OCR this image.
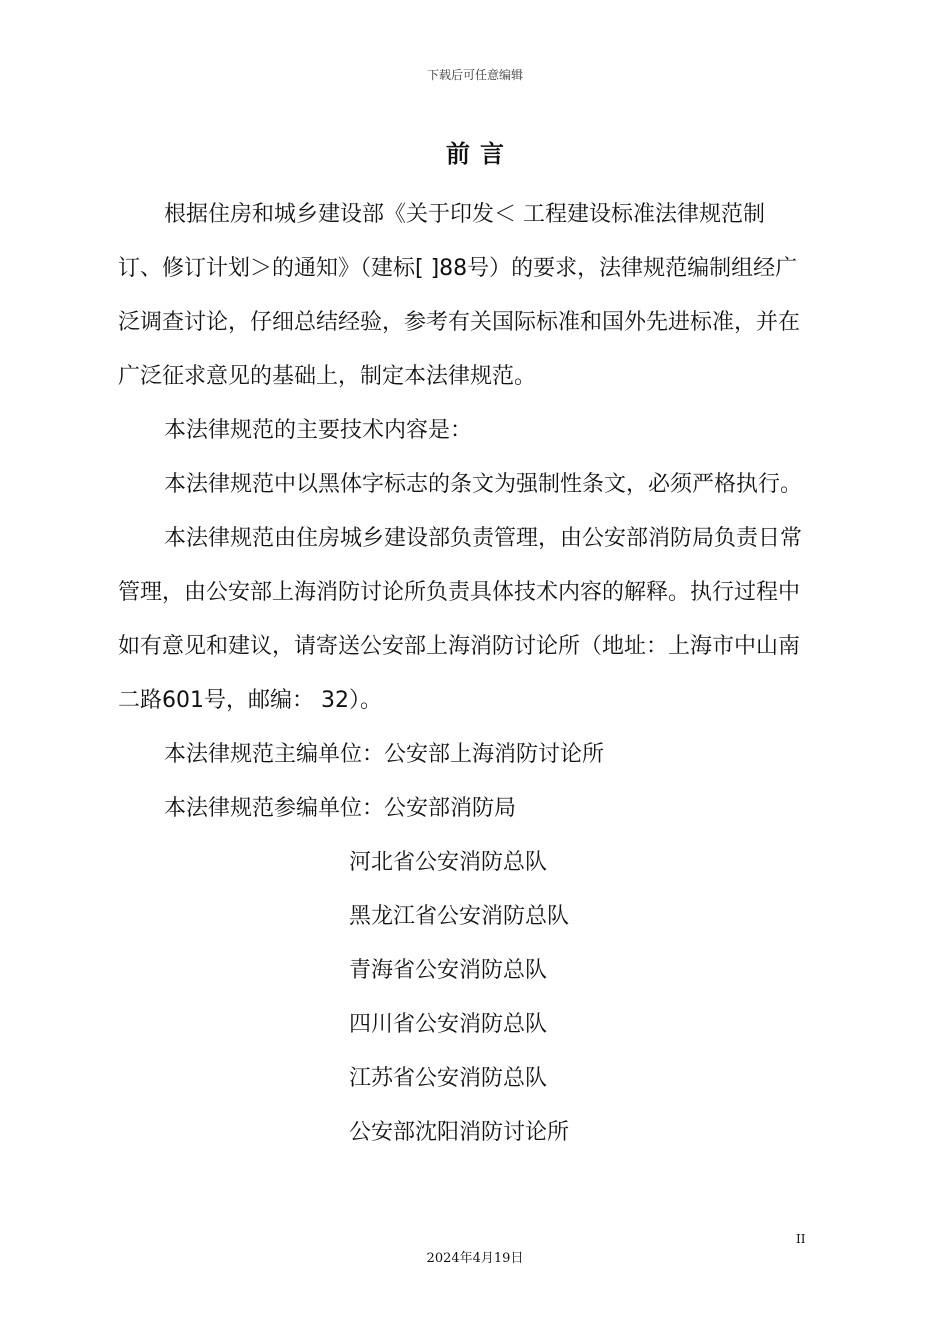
下载后可任意编辑
前言

根据住房和城乡建设部《关于印发＜ 工程建设标准法律规范制订、修订计划＞的通知》（建标[ ]88号）的要求，法律规范编制组经广泛调查讨论，仔细总结经验，参考有关国际标准和国外先进标准，并在广泛征求意见的基础上，制定本法律规范。

本法律规范的主要技术内容是：

本法律规范中以黑体字标志的条文为强制性条文，必须严格执行。

本法律规范由住房城乡建设部负责管理，由公安部消防局负责日常管理，由公安部上海消防讨论所负责具体技术内容的解释。执行过程中如有意见和建议，请寄送公安部上海消防讨论所（地址：上海市中山南二路601号，邮编： 32）。

本法律规范主编单位：公安部上海消防讨论所

本法律规范参编单位：公安部消防局

河北省公安消防总队

黑龙江省公安消防总队

青海省公安消防总队

四川省公安消防总队

江苏省公安消防总队

公安部沈阳消防讨论所

II
2024年4月19日
